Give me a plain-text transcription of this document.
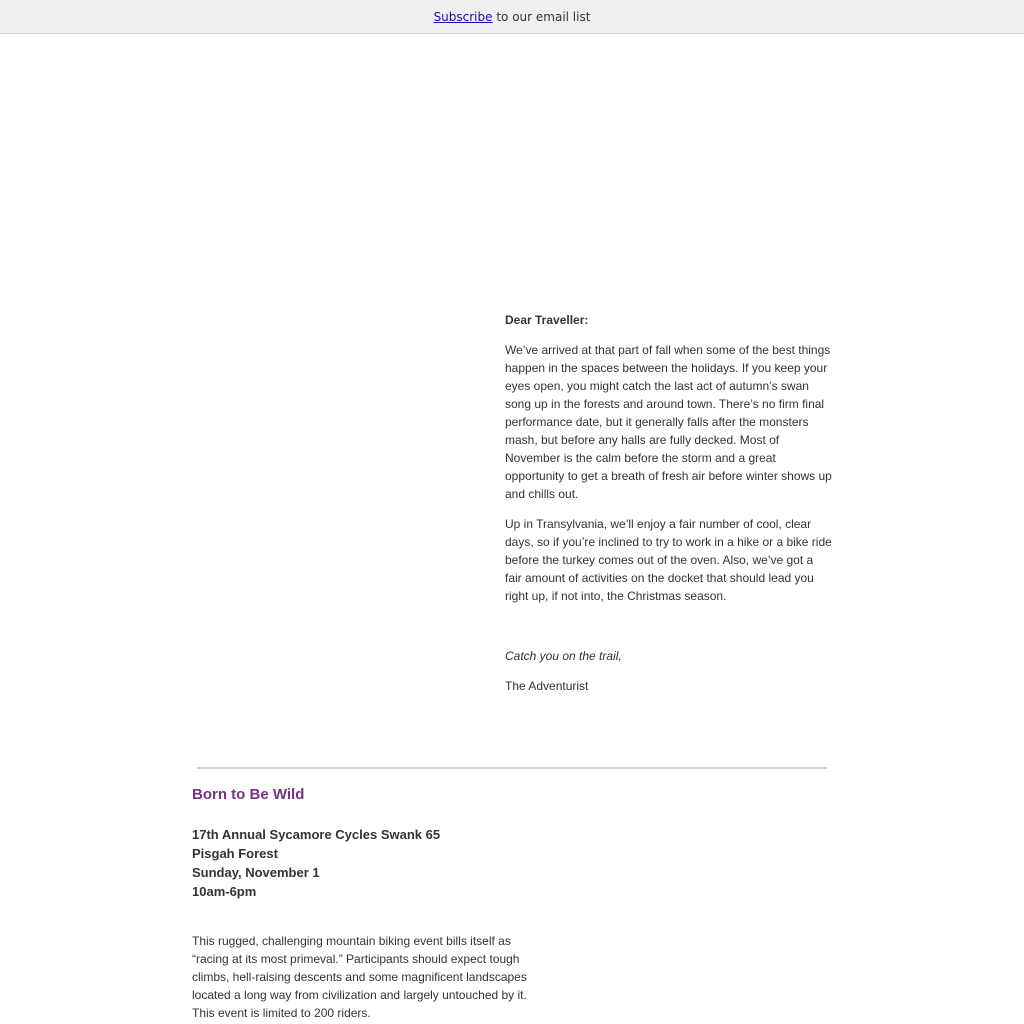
Subscribe to our email list

Dear Traveller:

We’ve arrived at that part of fall when some of the best things happen in the spaces between the holidays. If you keep your eyes open, you might catch the last act of autumn’s swan song up in the forests and around town. There’s no firm final performance date, but it generally falls after the monsters mash, but before any halls are fully decked. Most of November is the calm before the storm and a great opportunity to get a breath of fresh air before winter shows up and chills out.

Up in Transylvania, we’ll enjoy a fair number of cool, clear days, so if you’re inclined to try to work in a hike or a bike ride before the turkey comes out of the oven. Also, we’ve got a fair amount of activities on the docket that should lead you right up, if not into, the Christmas season.

Catch you on the trail,

The Adventurist

Born to Be Wild
17th Annual Sycamore Cycles Swank 65
Pisgah Forest
Sunday, November 1
10am-6pm

This rugged, challenging mountain biking event bills itself as “racing at its most primeval.” Participants should expect tough climbs, hell-raising descents and some magnificent landscapes located a long way from civilization and largely untouched by it. This event is limited to 200 riders.
